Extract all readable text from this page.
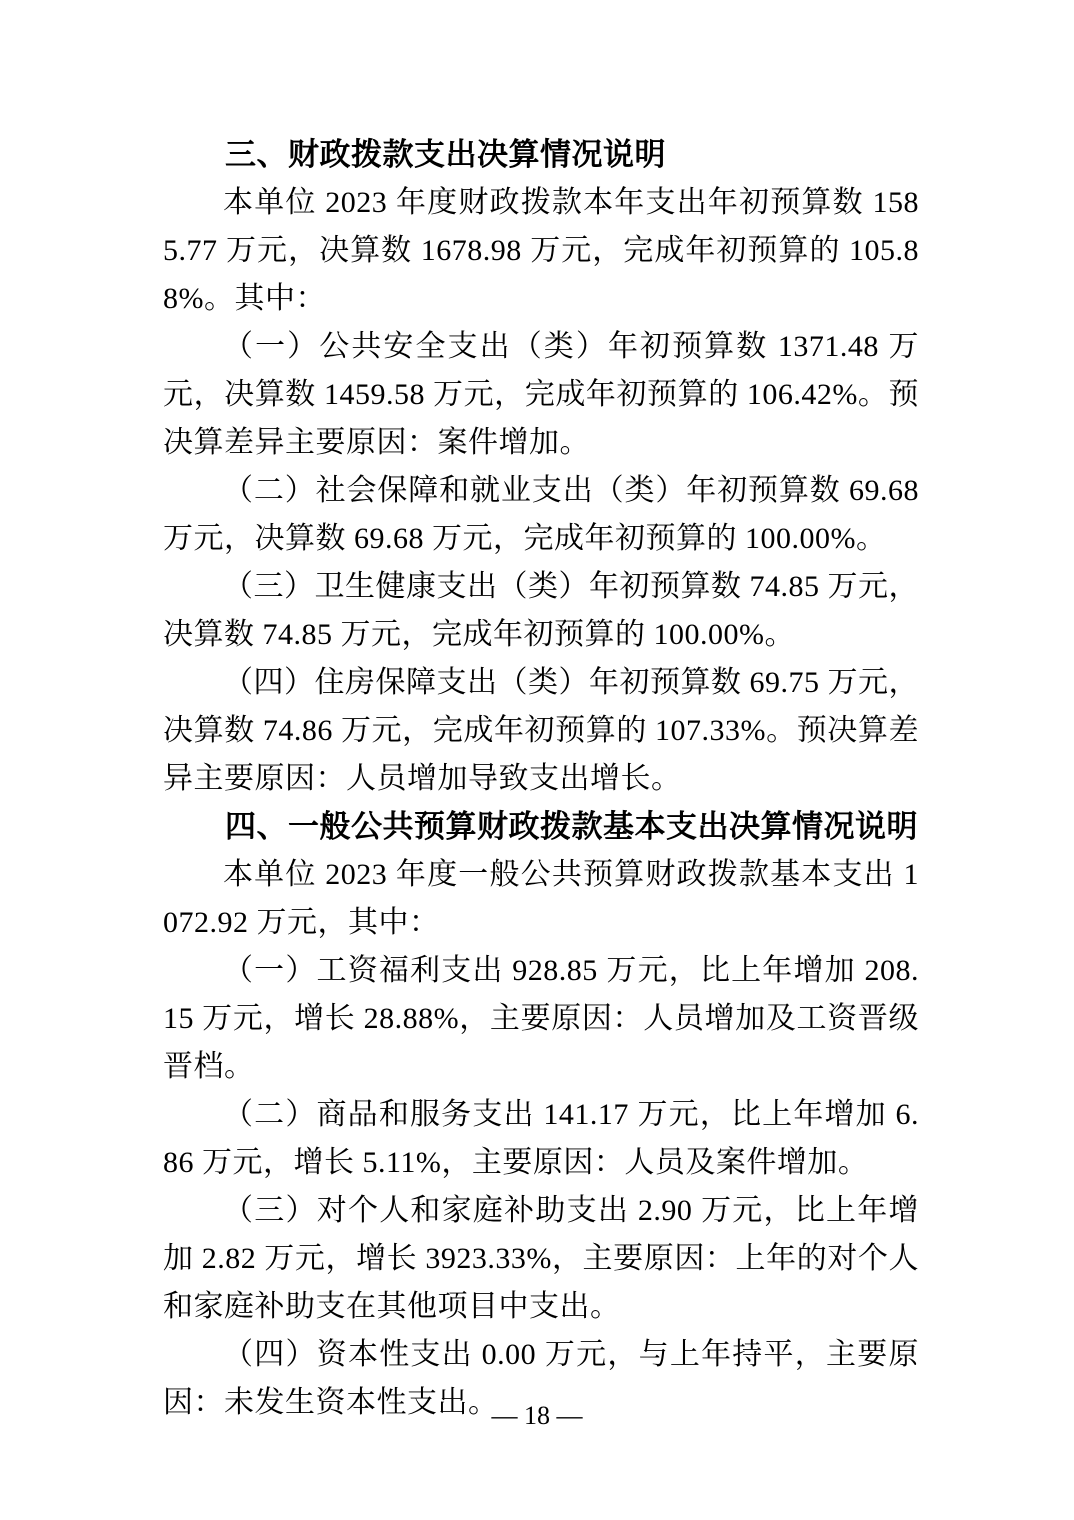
三、财政拨款支出决算情况说明

本单位 2023 年度财政拨款本年支出年初预算数 1585.77 万元，决算数 1678.98 万元，完成年初预算的 105.88%。其中：

（一）公共安全支出（类）年初预算数 1371.48 万元，决算数 1459.58 万元，完成年初预算的 106.42%。预决算差异主要原因：案件增加。

（二）社会保障和就业支出（类）年初预算数 69.68 万元，决算数 69.68 万元，完成年初预算的 100.00%。

（三）卫生健康支出（类）年初预算数 74.85 万元，决算数 74.85 万元，完成年初预算的 100.00%。

（四）住房保障支出（类）年初预算数 69.75 万元，决算数 74.86 万元，完成年初预算的 107.33%。预决算差异主要原因：人员增加导致支出增长。

四、一般公共预算财政拨款基本支出决算情况说明

本单位 2023 年度一般公共预算财政拨款基本支出 1072.92 万元，其中：

（一）工资福利支出 928.85 万元，比上年增加 208.15 万元，增长 28.88%，主要原因：人员增加及工资晋级晋档。

（二）商品和服务支出 141.17 万元，比上年增加 6.86 万元，增长 5.11%，主要原因：人员及案件增加。

（三）对个人和家庭补助支出 2.90 万元，比上年增加 2.82 万元，增长 3923.33%，主要原因：上年的对个人和家庭补助支在其他项目中支出。

（四）资本性支出 0.00 万元，与上年持平，主要原因：未发生资本性支出。

— 18 —
